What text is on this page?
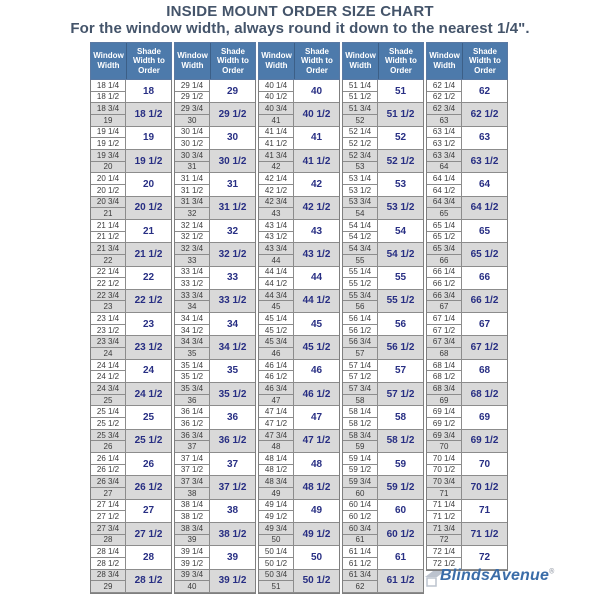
INSIDE MOUNT ORDER SIZE CHART
For the window width, always round it down to the nearest 1/4".
Window Width
Shade Width to Order
18 1/4
18 1/2
18
18 3/4
19
18 1/2
19 1/4
19 1/2
19
19 3/4
20
19 1/2
20 1/4
20 1/2
20
20 3/4
21
20 1/2
21 1/4
21 1/2
21
21 3/4
22
21 1/2
22 1/4
22 1/2
22
22 3/4
23
22 1/2
23 1/4
23 1/2
23
23 3/4
24
23 1/2
24 1/4
24 1/2
24
24 3/4
25
24 1/2
25 1/4
25 1/2
25
25 3/4
26
25 1/2
26 1/4
26 1/2
26
26 3/4
27
26 1/2
27 1/4
27 1/2
27
27 3/4
28
27 1/2
28 1/4
28 1/2
28
28 3/4
29
28 1/2
Window Width
Shade Width to Order
29 1/4
29 1/2
29
29 3/4
30
29 1/2
30 1/4
30 1/2
30
30 3/4
31
30 1/2
31 1/4
31 1/2
31
31 3/4
32
31 1/2
32 1/4
32 1/2
32
32 3/4
33
32 1/2
33 1/4
33 1/2
33
33 3/4
34
33 1/2
34 1/4
34 1/2
34
34 3/4
35
34 1/2
35 1/4
35 1/2
35
35 3/4
36
35 1/2
36 1/4
36 1/2
36
36 3/4
37
36 1/2
37 1/4
37 1/2
37
37 3/4
38
37 1/2
38 1/4
38 1/2
38
38 3/4
39
38 1/2
39 1/4
39 1/2
39
39 3/4
40
39 1/2
Window Width
Shade Width to Order
40 1/4
40 1/2
40
40 3/4
41
40 1/2
41 1/4
41 1/2
41
41 3/4
42
41 1/2
42 1/4
42 1/2
42
42 3/4
43
42 1/2
43 1/4
43 1/2
43
43 3/4
44
43 1/2
44 1/4
44 1/2
44
44 3/4
45
44 1/2
45 1/4
45 1/2
45
45 3/4
46
45 1/2
46 1/4
46 1/2
46
46 3/4
47
46 1/2
47 1/4
47 1/2
47
47 3/4
48
47 1/2
48 1/4
48 1/2
48
48 3/4
49
48 1/2
49 1/4
49 1/2
49
49 3/4
50
49 1/2
50 1/4
50 1/2
50
50 3/4
51
50 1/2
Window Width
Shade Width to Order
51 1/4
51 1/2
51
51 3/4
52
51 1/2
52 1/4
52 1/2
52
52 3/4
53
52 1/2
53 1/4
53 1/2
53
53 3/4
54
53 1/2
54 1/4
54 1/2
54
54 3/4
55
54 1/2
55 1/4
55 1/2
55
55 3/4
56
55 1/2
56 1/4
56 1/2
56
56 3/4
57
56 1/2
57 1/4
57 1/2
57
57 3/4
58
57 1/2
58 1/4
58 1/2
58
58 3/4
59
58 1/2
59 1/4
59 1/2
59
59 3/4
60
59 1/2
60 1/4
60 1/2
60
60 3/4
61
60 1/2
61 1/4
61 1/2
61
61 3/4
62
61 1/2
Window Width
Shade Width to Order
62 1/4
62 1/2
62
62 3/4
63
62 1/2
63 1/4
63 1/2
63
63 3/4
64
63 1/2
64 1/4
64 1/2
64
64 3/4
65
64 1/2
65 1/4
65 1/2
65
65 3/4
66
65 1/2
66 1/4
66 1/2
66
66 3/4
67
66 1/2
67 1/4
67 1/2
67
67 3/4
68
67 1/2
68 1/4
68 1/2
68
68 3/4
69
68 1/2
69 1/4
69 1/2
69
69 3/4
70
69 1/2
70 1/4
70 1/2
70
70 3/4
71
70 1/2
71 1/4
71 1/2
71
71 3/4
72
71 1/2
72 1/4
72 1/2
72
BlindsAvenue®
